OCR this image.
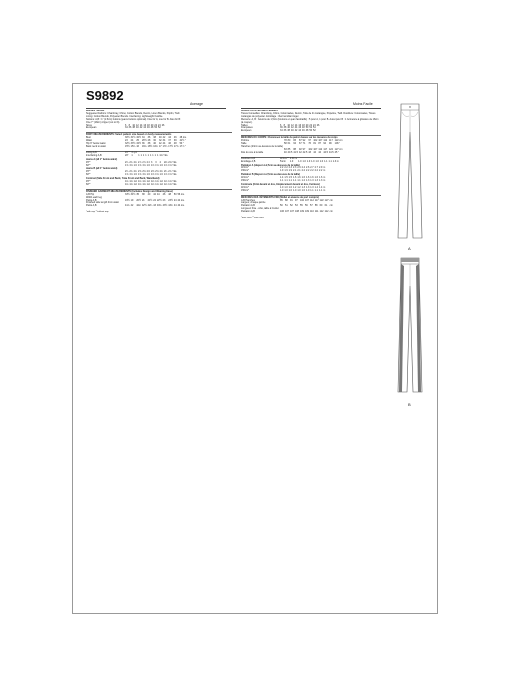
S9892
Average	Moins Facile
MISSES' JEANS
Suggested Fabrics: Chambray, Chino, Cotton Blends, Denim, Linen Blends, Poplin, Twill.
Lining: Cotton Blends, Polyester Blends. Interfacing: Lightweight Fusible.
Notions: A,B: ¾" (1.5cm) buttons (jeans buttons optional). Five for A; one for B. Also for B:
One 7" (18cm) zipper (cut to fit).
Sizes	6	8	10	12	14	16	18	20	22	24	26
European	34	36	38	40	42	44	46	48	50	52	
BODY MEASUREMENTS: Select pattern size based on body measurements
Bust	30½	31½	32½	34	36	38	40	42	44	46	48 ins.
Waist	23	24	25	26½	28	30	32	34	37	39	41½ "
Hip 9" below waist	32½	33½	34½	36	38	40	42	44	46	48	50 "
Back neck to waist	15½	15¾	16	16¼	16½	16¾	17	17¼	17½	17¾	17⅞ "
Lining A,B	45"**	⅜ yd.										
Interfacing A,B	20"	1	1	1	1	1	1	1	1	1	1	1⅛ Yds.
Jeans A (all 1" below waist)
45"*	2¾	2¾	2¾	2⅞	2⅞	2⅞	3	3	2	2⅛	2⅛ Yds.
60"*	1⅝	1⅝	1⅝	1⅝	1⅝	1⅝	1⅝	1⅝	1⅝	1⅝	1⅝ Yds.
Jeans B (all 1" below waist)
45"*	2¾	2¾	2¾	2⅝	2⅝	2⅝	2⅝	2⅝	2¾	2¾	2¾ Yds.
60"*	1⅝	1⅝	1⅝	1⅝	1⅝	1⅝	1⅝	1⅝	1⅝	1⅝	1⅝ Yds.
Contrast (Side Front and Back, Yoke Front and Back, Waistband)
45"*	1⅛	1⅛	1⅛	1⅛	1⅛	1⅛	1⅛	1⅛	1⅛	1⅛	1⅛ Yds.
60"*	1⅛	1⅛	1⅛	1⅛	1⅛	1⅛	1⅛	1⅛	1⅛	1⅛	1⅛ Yds.
FINISHED GARMENT MEASUREMENTS (Includes Design and Wearing Ease)
A,B Hip	33½	34½	35	38	40	42	44	46	48	50	56 ins.
Width each leg											
Pants A,B	19½	19	20½	21	21½	22	22½	23	23½	24	24 ins.
Finished side length from waist											
Pants A,B	41¾	42	42¼	42½	42¾	43	43¼	43½	43¾	44	44 ins.
*with nap **without nap
JEANS POUR JEUNES FEMMES
Tissus Conseillés: Chambray, Chino, Cotonnades, Denim, Toile de lin mélangée, Popeline, Twill. Doublure: Cotonnades, Tissus mélangés de polyester. Entoilage : thermocollant léger.
Mercerie: A, B : boutons de 1,5cm (boutons en jean facultatifs) : 5 pour A, 1 pour B. Aussi pour B : 1 fermeture à glissière de 18cm (à couper).
Tailles	6	8	10	12	14	16	18	20	22	24	26
Françaises	36	38	40	42	44	46	48	50	52	54	
Européen	34	36	38	40	42	44	46	48	50	52	
MESURES DU CORPS: Choisissez la taille du patron basée sur les mesures du corps
Poitrine	78	80	83	87	92	97	102	107	112	117	122 cm
Taille	58	61	64	67	71	76	81	87	94	99	106 "
Hanches (23cm au-dessous de la taille)											
	83	85	88	92	97	102	107	112	117	122	127 cm
Dos du cou à la taille	40	40.5	41.5	42	42.5	43	44	44	44.5	44.5	45 "
Doublure A,B	115cm**	0.30 m									
Entoilage A,B	51cm	1.0	1.0	1.0	1.0	1.0	1.0	1.0	1.1	1.1	1.3 m
Pantalon A (Hayeon à 2,5cm au-dessous de la taille)
115cm*	2.2	2.2	2.3	2.3	2.4	2.4	2.6	2.7	2.7	2.9	m
150cm*	1.9	1.9	1.9	2.1	2.1	2.2	2.2	2.2	2.2	2.2	m
Pantalon B (Rayeon à 2,5cm au-dessous de la taille)
115cm*	1.4	1.5	1.5	1.6	1.6	1.6	1.6	1.6	1.6	1.6	m
150cm*	1.1	1.1	1.1	1.1	1.1	1.2	1.3	1.3	1.3	1.3	m
Contraste (Côté devant et dos, Empiècement devant et dos, Ceinture)
115cm*	1.0	1.0	1.0	1.2	1.2	1.3	1.3	1.3	1.4	1.4	m
150cm*	1.0	1.0	1.0	1.0	1.0	1.0	1.0	1.1	1.1	1.1	m
MESURES DES VÊTEMENTS FINI (Mollet et aisance de port compris)
A,B Hanches	85	88	91	97	102	107	112	117	122	127	cm
Largeur, chaque jambe											
Pantalon A,B	50	51	52	53	55	56	57	58	60	61	cm
Longueur finie - côté, taille à l'ourlet											
Pantalon A,B	106	107	107	108	109	109	110	111	112	112	cm
*avec sens **sans sens
A
B
